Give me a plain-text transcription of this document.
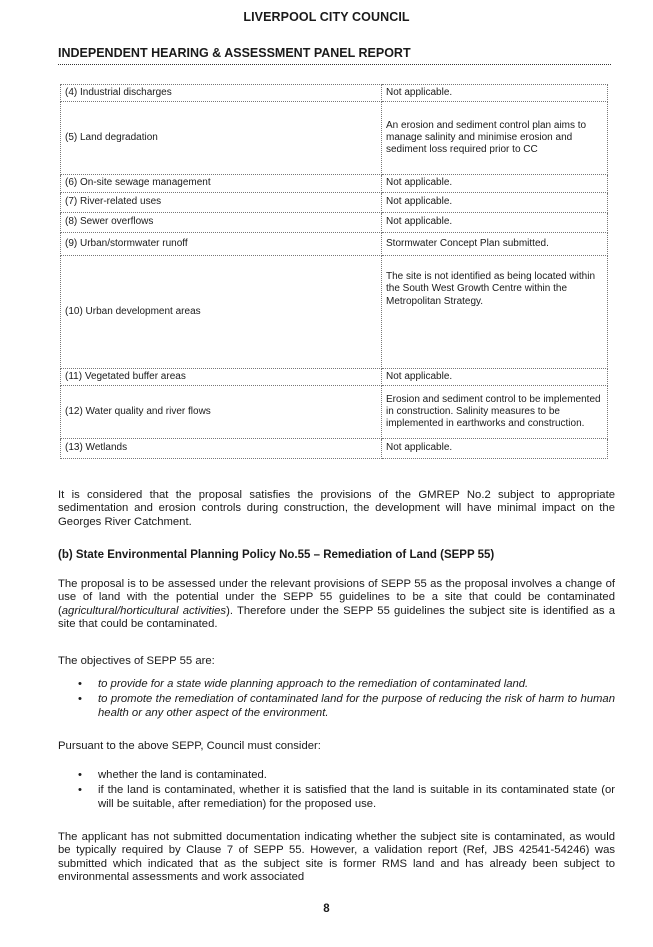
LIVERPOOL CITY COUNCIL
INDEPENDENT HEARING & ASSESSMENT PANEL REPORT
(4) Industrial discharges	Not applicable.
(5) Land degradation	An erosion and sediment control plan aims to manage salinity and minimise erosion and sediment loss required prior to CC
(6) On-site sewage management	Not applicable.
(7) River-related uses	Not applicable.
(8) Sewer overflows	Not applicable.
(9) Urban/stormwater runoff	Stormwater Concept Plan submitted.
(10) Urban development areas	The site is not identified as being located within the South West Growth Centre within the Metropolitan Strategy.
(11) Vegetated buffer areas	Not applicable.
(12) Water quality and river flows	Erosion and sediment control to be implemented in construction. Salinity measures to be implemented in earthworks and construction.
(13) Wetlands	Not applicable.
It is considered that the proposal satisfies the provisions of the GMREP No.2 subject to appropriate sedimentation and erosion controls during construction, the development will have minimal impact on the Georges River Catchment.
(b) State Environmental Planning Policy No.55 – Remediation of Land (SEPP 55)
The proposal is to be assessed under the relevant provisions of SEPP 55 as the proposal involves a change of use of land with the potential under the SEPP 55 guidelines to be a site that could be contaminated (agricultural/horticultural activities). Therefore under the SEPP 55 guidelines the subject site is identified as a site that could be contaminated.
The objectives of SEPP 55 are:
• to provide for a state wide planning approach to the remediation of contaminated land.
• to promote the remediation of contaminated land for the purpose of reducing the risk of harm to human health or any other aspect of the environment.
Pursuant to the above SEPP, Council must consider:
• whether the land is contaminated.
• if the land is contaminated, whether it is satisfied that the land is suitable in its contaminated state (or will be suitable, after remediation) for the proposed use.
The applicant has not submitted documentation indicating whether the subject site is contaminated, as would be typically required by Clause 7 of SEPP 55. However, a validation report (Ref, JBS 42541-54246) was submitted which indicated that as the subject site is former RMS land and has already been subject to environmental assessments and work associated
8
